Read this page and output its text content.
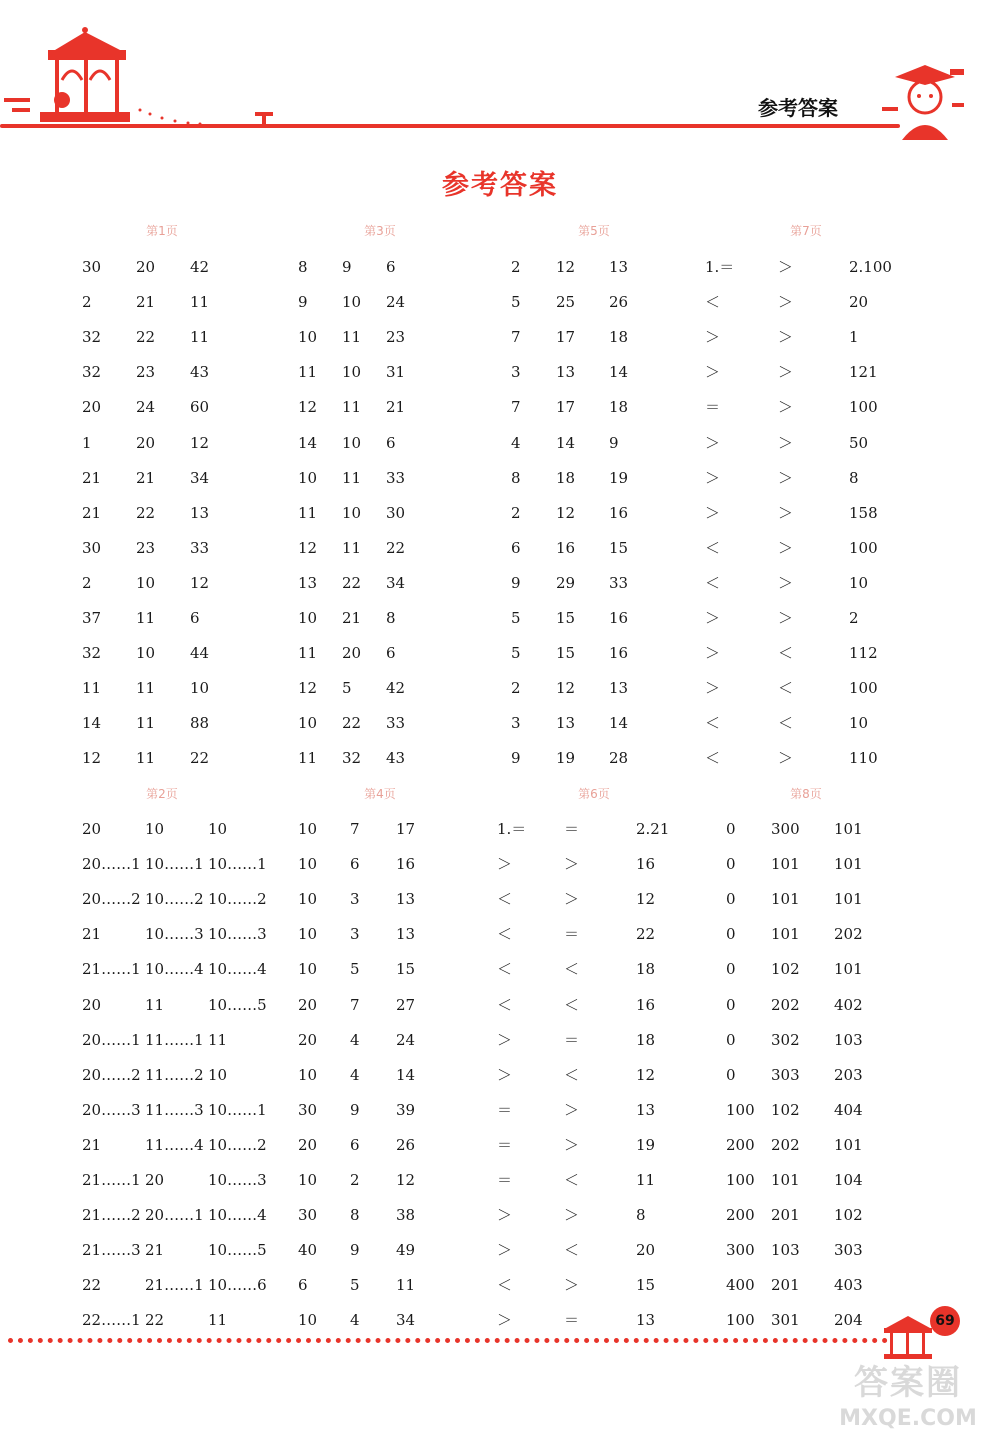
参考答案
参考答案
第1页
30 20 42
2	21 11
32 22 11
32 23 43
20 24 60
1	20 12
21 21 34
21 22 13
30 23 33
2	10 12
37 11 6
32 10 44
11 11 10
14 11 88
12 11 22
第3页
8 9 6
9 10 24
10 11 23
11 10 31
12 11 21
14 10 6
10 11 33
11 10 30
12 11 22
13 22 34
10 21 8
11 20 6
12 5 42
10 22 33
11 32 43
第5页
2 12 13
5 25 26
7 17 18
3 13 14
7 17 18
4 14 9
8 18 19
2 12 16
6 16 15
9 29 33
5 15 16
5 15 16
2 12 13
3 13 14
9 19 28
第7页
1.＝	＞	2.100
＜	＞	20
＞	＞	1
＞	＞	121
＝	＞	100
＞	＞	50
＞	＞	8
＞	＞	158
＜	＞	100
＜	＞	10
＞	＞	2
＞	＜	112
＞	＜	100
＜	＜	10
＜	＞	110
第2页
20	10	10
20……1 10……1 10……1
20……2 10……2 10……2
21	10……3 10……3
21……1 10……4 10……4
20	11	10……5
20……1 11……1 11
20……2 11……2 10
20……3 11……3 10……1
21	11……4 10……2
21……1 20	10……3
21……2 20……1 10……4
21……3 21	10……5
22	21……1 10……6
22……1 22	11
第4页
10 7 17
10 6 16
10 3 13
10 3 13
10 5 15
20 7 27
20 4 24
10 4 14
30 9 39
20 6 26
10 2 12
30 8 38
40 9 49
6	5 11
10 4 34
第6页
1.＝	＝	2.21
＞	＞	16
＜	＞	12
＜	＝	22
＜	＜	18
＜	＜	16
＞	＝	18
＞	＜	12
＝	＞	13
＝	＞	19
＝	＜	11
＞	＞	8
＞	＜	20
＜	＞	15
＞	＝	13
第8页
0 300 101
0 101 101
0 101 101
0 101 202
0 102 101
0 202 402
0 302 103
0 303 203
100 102 404
200 202 101
100 101 104
200 201 102
300 103 303
400 201 403
100 301 204	69
答案圈
MXQE.COM
